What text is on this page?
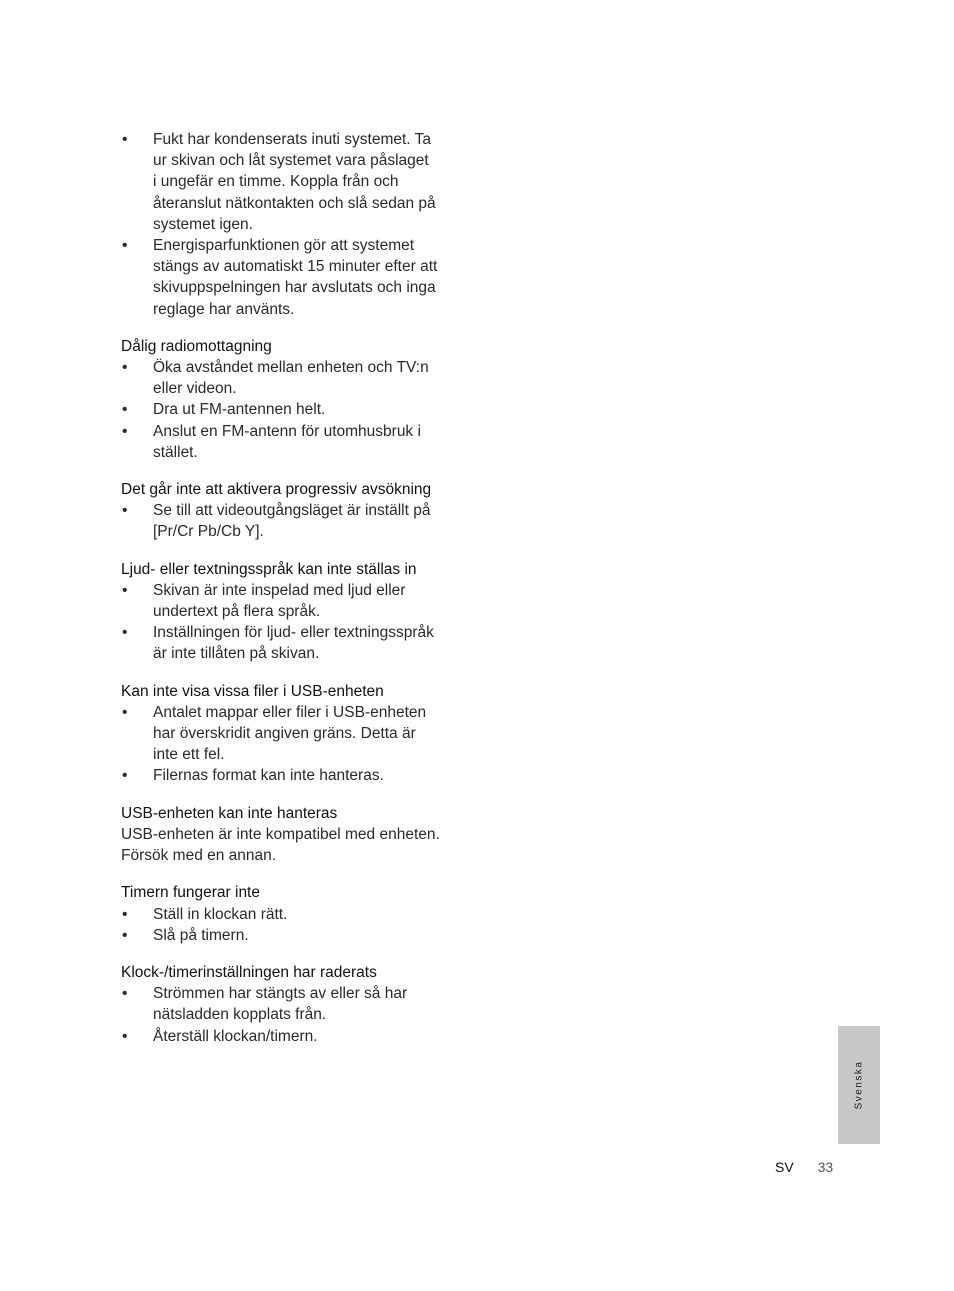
• Fukt har kondenserats inuti systemet. Ta
ur skivan och låt systemet vara påslaget
i ungefär en timme. Koppla från och
återanslut nätkontakten och slå sedan på
systemet igen.
• Energisparfunktionen gör att systemet
stängs av automatiskt 15 minuter efter att
skivuppspelningen har avslutats och inga
reglage har använts.
Dålig radiomottagning
• Öka avståndet mellan enheten och TV:n
eller videon.
• Dra ut FM-antennen helt.
• Anslut en FM-antenn för utomhusbruk i
stället.
Det går inte att aktivera progressiv avsökning
• Se till att videoutgångsläget är inställt på
[Pr/Cr Pb/Cb Y].
Ljud- eller textningsspråk kan inte ställas in
• Skivan är inte inspelad med ljud eller
undertext på flera språk.
• Inställningen för ljud- eller textningsspråk
är inte tillåten på skivan.
Kan inte visa vissa filer i USB-enheten
• Antalet mappar eller filer i USB-enheten
har överskridit angiven gräns. Detta är
inte ett fel.
• Filernas format kan inte hanteras.
USB-enheten kan inte hanteras
USB-enheten är inte kompatibel med enheten.
Försök med en annan.
Timern fungerar inte
• Ställ in klockan rätt.
• Slå på timern.
Klock-/timerinställningen har raderats
• Strömmen har stängts av eller så har
nätsladden kopplats från.
• Återställ klockan/timern.
Svenska
SV 33
